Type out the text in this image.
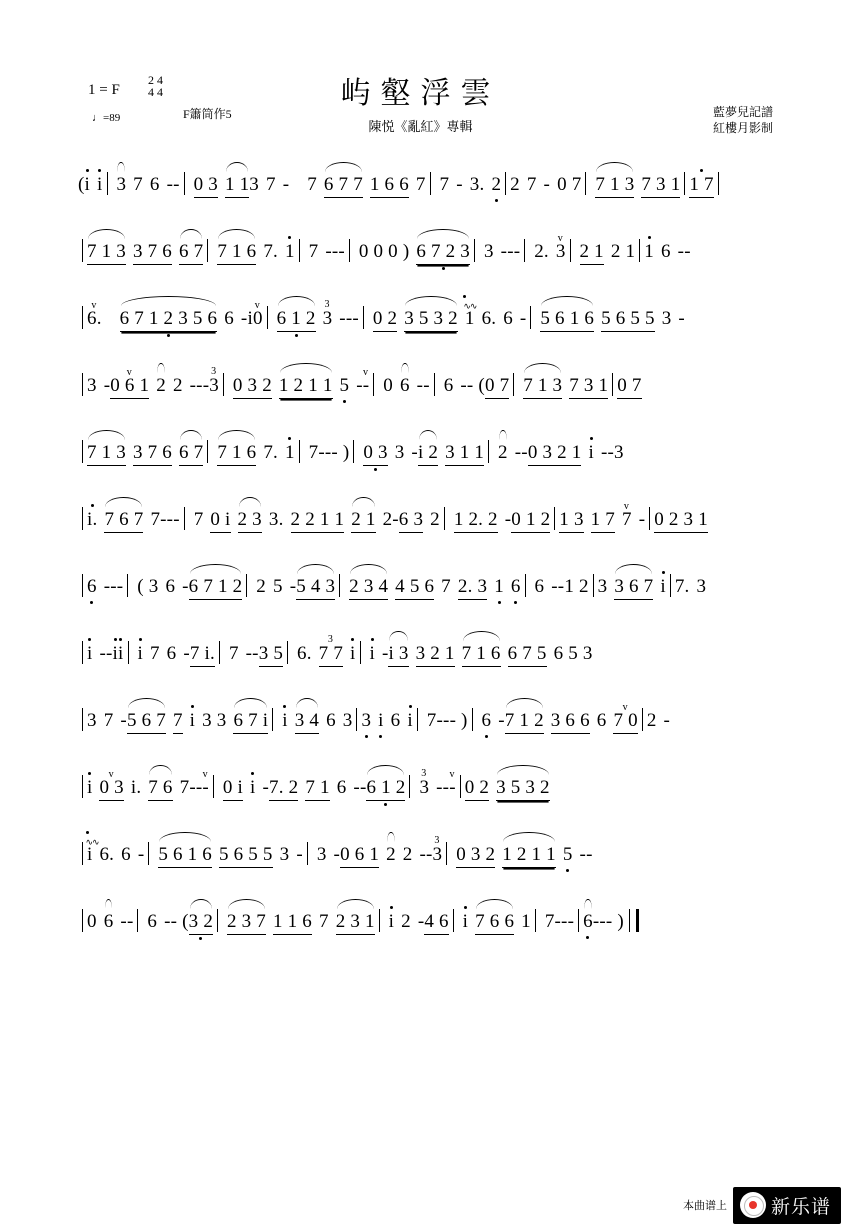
1 = F
2 4
4 4
♩=89	F簫筒作5
屿壑浮雲
陳悦《亂紅》專輯
藍夢兒記譜
紅樓月影制
(i i 3 7 6 -- 0 3 1 13 7 - 7 6 7 7 1 6 6 7 7 - 3. 2 2 7 - 0 7 7 1 3 7 3 1 1 7
7 1 3 3 7 6 6 7 7 1 6 7. 1 7 --- 0 0 0 ) 6 7 2 3 3 --- 2. v 3 2 1 2 1 1 6 --
v 6. 6 7 1 2 3 5 6 6 -iv 0 6 1 2 3 3 --- 0 2 3 5 3 2 ∿∿ 1 6. 6 - 5 6 1 6 5 6 5 5 3 -
3 -v 0 6 1 2 2 ---3 3 0 3 2 1 2 1 1 5 -v - 0 6 -- 6 -- (0 7 7 1 3 7 3 1 0 7
7 1 3 3 7 6 6 7 7 1 6 7. 1 7--- ) 0 3 3 -i 2 3 1 1 2 --0 3 2 1 i --3
i. 7 6 7 7--- 7 0 i 2 3 3. 2 2 1 1 2 1 2-6 3 2 1 2. 2 -0 1 2 1 3 1 7 v 7 - 0 2 3 1
6 --- ( 3 6 -6 7 1 2 2 5 -5 4 3 2 3 4 4 5 6 7 2. 3 1 6 6 --1 2 3 3 6 7 i 7. 3
i --ii i 7 6 -7 i. 7 --3 5 6. 3 7 7 i i -i 3 3 2 1 7 1 6 6 7 5 6 5 3
3 7 -5 6 7 7 i 3 3 6 7 i i 3 4 6 3 3 i 6 i 7--- ) 6 -7 1 2 3 6 6 6 v 7 0 2 -
i v 0 3 i. 7 6 7--v - 0 i i -7. 2 7 1 6 --6 1 2 3 3 --v - 0 2 3 5 3 2
∿∿ i 6. 6 - 5 6 1 6 5 6 5 5 3 - 3 -0 6 1 2 2 --3 3 0 3 2 1 2 1 1 5 --
0 6 -- 6 -- (3 2 2 3 7 1 1 6 7 2 3 1 i 2 -4 6 i 7 6 6 1 7--- 6--- )
本曲谱上 新乐谱
